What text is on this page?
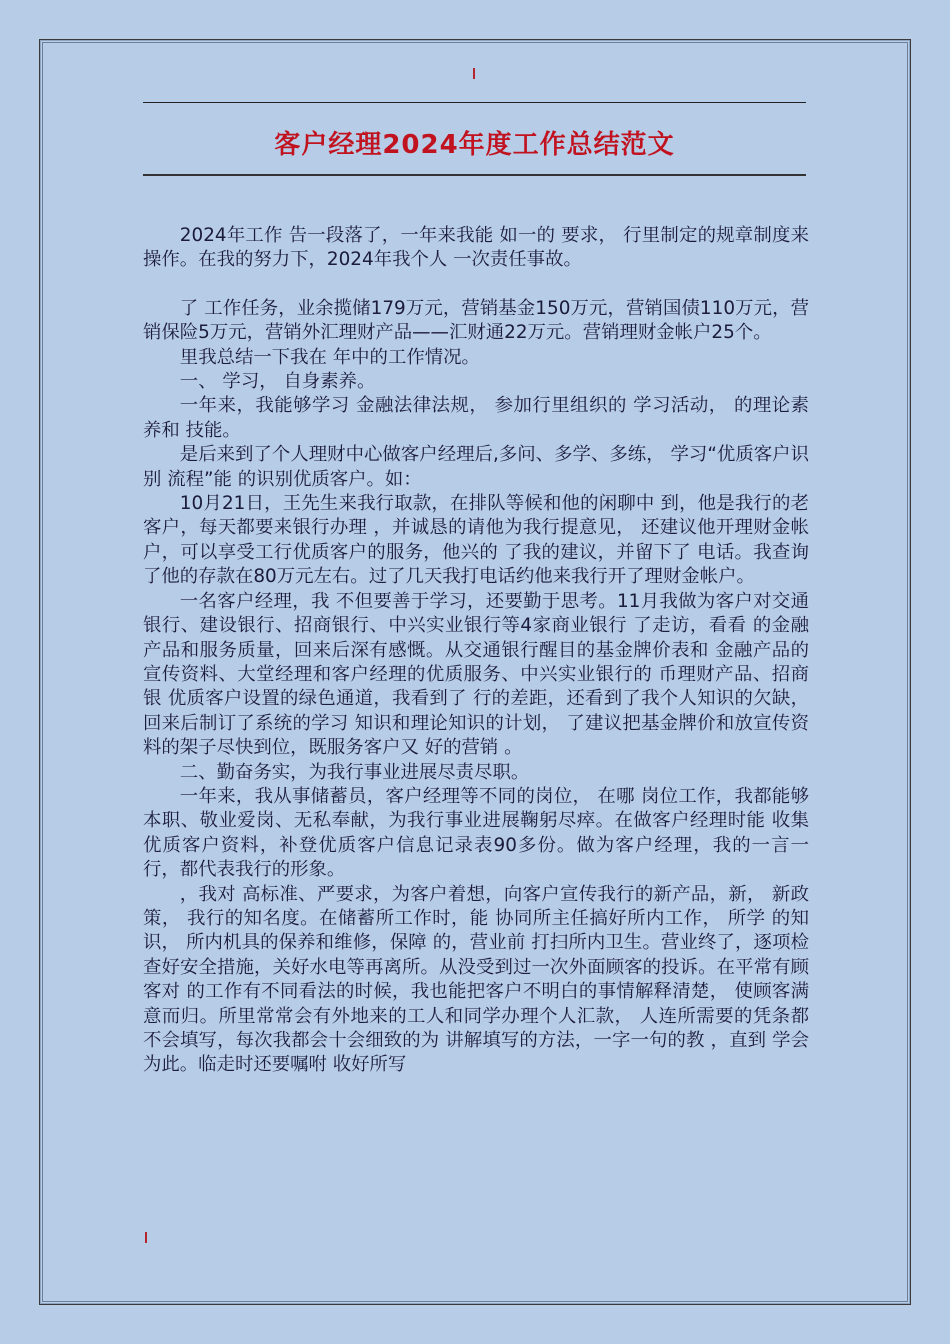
客户经理2024年度工作总结范文

2024年工作 告一段落了，一年来我能 如一的 要求， 行里制定的规章制度来 操作。在我的努力下，2024年我个人 一次责任事故。

了 工作任务，业余揽储179万元，营销基金150万元，营销国债110万元，营销保险5万元，营销外汇理财产品——汇财通22万元。营销理财金帐户25个。

里我总结一下我在 年中的工作情况。

一、 学习， 自身素养。

一年来，我能够学习 金融法律法规， 参加行里组织的 学习活动， 的理论素养和 技能。

是后来到了个人理财中心做客户经理后,多问、多学、多练， 学习“优质客户识别 流程”能 的识别优质客户。如：

10月21日，王先生来我行取款，在排队等候和他的闲聊中 到，他是我行的老客户，每天都要来银行办理 ，并诚恳的请他为我行提意见， 还建议他开理财金帐户，可以享受工行优质客户的服务，他兴的 了我的建议，并留下了 电话。我查询了他的存款在80万元左右。过了几天我打电话约他来我行开了理财金帐户。

一名客户经理，我 不但要善于学习，还要勤于思考。11月我做为客户对交通银行、建设银行、招商银行、中兴实业银行等4家商业银行 了走访，看看 的金融产品和服务质量，回来后深有感慨。从交通银行醒目的基金牌价表和 金融产品的宣传资料、大堂经理和客户经理的优质服务、中兴实业银行的 币理财产品、招商银 优质客户设置的绿色通道，我看到了 行的差距，还看到了我个人知识的欠缺，回来后制订了系统的学习 知识和理论知识的计划， 了建议把基金牌价和放宣传资料的架子尽快到位，既服务客户又 好的营销 。

二、勤奋务实，为我行事业进展尽责尽职。

一年来，我从事储蓄员，客户经理等不同的岗位， 在哪 岗位工作，我都能够 本职、敬业爱岗、无私奉献，为我行事业进展鞠躬尽瘁。在做客户经理时能 收集优质客户资料，补登优质客户信息记录表90多份。做为客户经理，我的一言一行，都代表我行的形象。

，我对 高标准、严要求，为客户着想，向客户宣传我行的新产品，新， 新政策， 我行的知名度。在储蓄所工作时，能 协同所主任搞好所内工作， 所学 的知识， 所内机具的保养和维修，保障 的，营业前 打扫所内卫生。营业终了，逐项检查好安全措施，关好水电等再离所。从没受到过一次外面顾客的投诉。在平常有顾客对 的工作有不同看法的时候，我也能把客户不明白的事情解释清楚， 使顾客满意而归。所里常常会有外地来的工人和同学办理个人汇款， 人连所需要的凭条都不会填写，每次我都会十会细致的为 讲解填写的方法，一字一句的教 ，直到 学会为此。临走时还要嘱咐 收好所写
